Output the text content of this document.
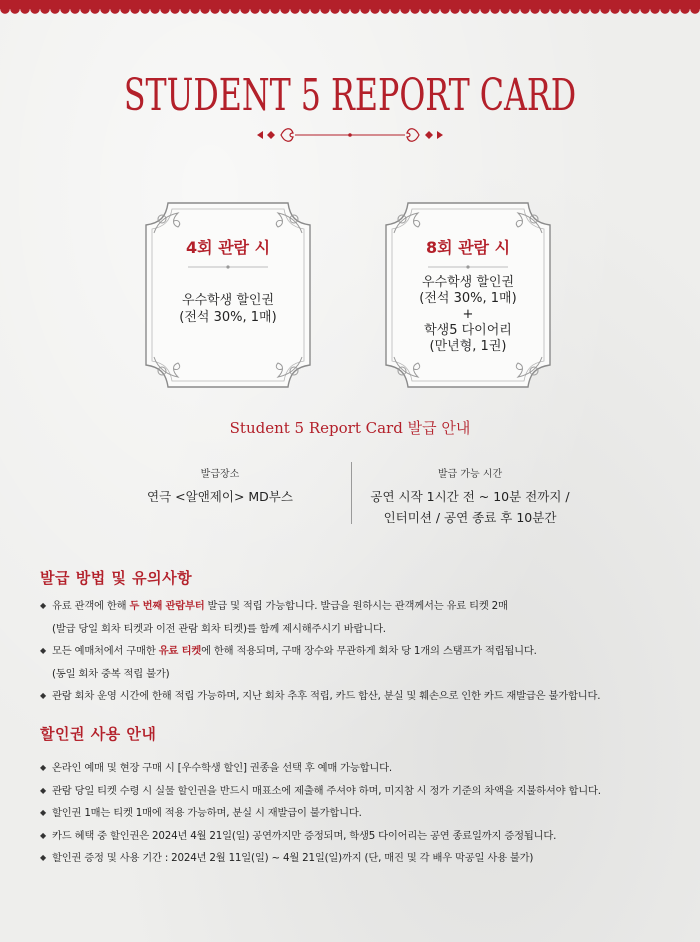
STUDENT 5 REPORT CARD
4회 관람 시
우수학생 할인권
(전석 30%, 1매)
8회 관람 시
우수학생 할인권
(전석 30%, 1매)
+
학생5 다이어리
(만년형, 1권)
Student 5 Report Card 발급 안내
발급장소
연극 <알앤제이> MD부스
발급 가능 시간
공연 시작 1시간 전 ~ 10분 전까지 /
인터미션 / 공연 종료 후 10분간
발급 방법 및 유의사항
◆ 유료 관객에 한해 두 번째 관람부터 발급 및 적립 가능합니다. 발급을 원하시는 관객께서는 유료 티켓 2매
(발급 당일 회차 티켓과 이전 관람 회차 티켓)를 함께 제시해주시기 바랍니다.
◆ 모든 예매처에서 구매한 유료 티켓에 한해 적용되며, 구매 장수와 무관하게 회차 당 1개의 스탬프가 적립됩니다.
(동일 회차 중복 적립 불가)
◆ 관람 회차 운영 시간에 한해 적립 가능하며, 지난 회차 추후 적립, 카드 합산, 분실 및 훼손으로 인한 카드 재발급은 불가합니다.
할인권 사용 안내
◆ 온라인 예매 및 현장 구매 시 [우수학생 할인] 권종을 선택 후 예매 가능합니다.
◆ 관람 당일 티켓 수령 시 실물 할인권을 반드시 매표소에 제출해 주셔야 하며, 미지참 시 정가 기준의 차액을 지불하셔야 합니다.
◆ 할인권 1매는 티켓 1매에 적용 가능하며, 분실 시 재발급이 불가합니다.
◆ 카드 혜택 중 할인권은 2024년 4월 21일(일) 공연까지만 증정되며, 학생5 다이어리는 공연 종료일까지 증정됩니다.
◆ 할인권 증정 및 사용 기간 : 2024년 2월 11일(일) ~ 4월 21일(일)까지 (단, 매진 및 각 배우 막공일 사용 불가)
